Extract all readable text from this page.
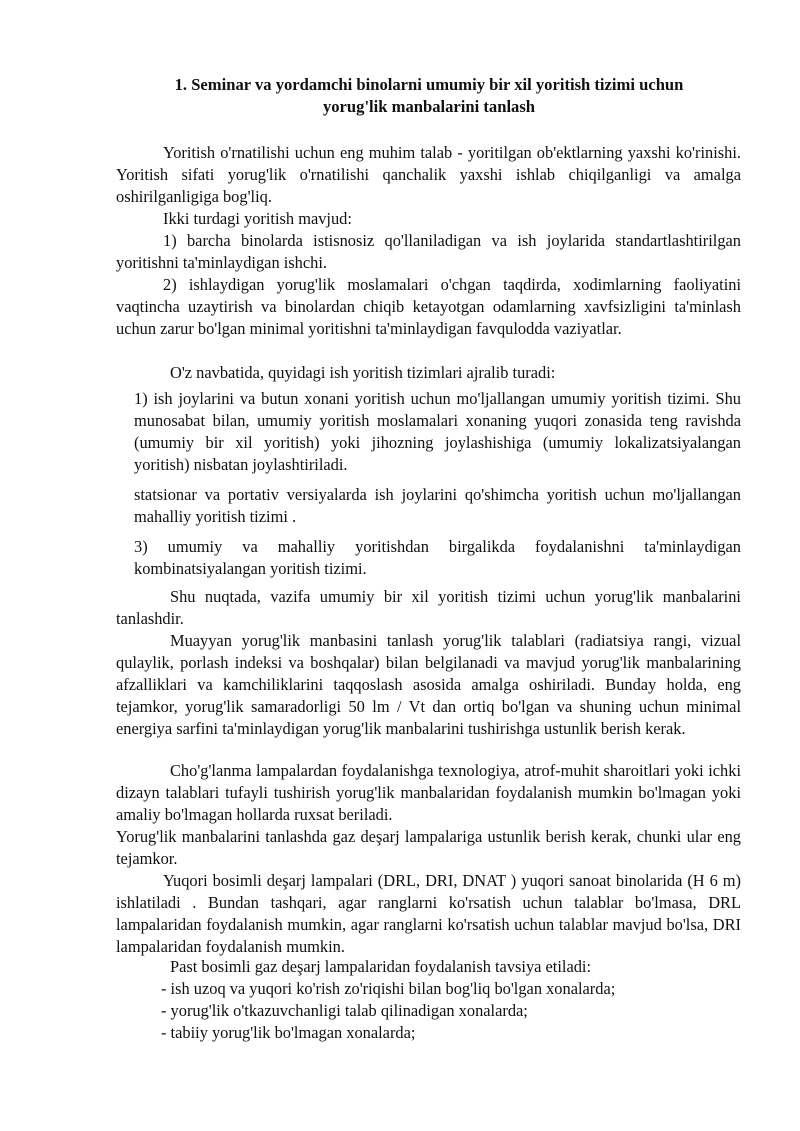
1. Seminar va yordamchi binolarni umumiy bir xil yoritish tizimi uchun
yorug'lik manbalarini tanlash
Yoritish o'rnatilishi uchun eng muhim talab - yoritilgan ob'ektlarning yaxshi ko'rinishi. Yoritish sifati yorug'lik o'rnatilishi qanchalik yaxshi ishlab chiqilganligi va amalga oshirilganligiga bog'liq.
Ikki turdagi yoritish mavjud:
1) barcha binolarda istisnosiz qo'llaniladigan va ish joylarida standartlashtirilgan yoritishni ta'minlaydigan ishchi.
2) ishlaydigan yorug'lik moslamalari o'chgan taqdirda, xodimlarning faoliyatini vaqtincha uzaytirish va binolardan chiqib ketayotgan odamlarning xavfsizligini ta'minlash uchun zarur bo'lgan minimal yoritishni ta'minlaydigan favqulodda vaziyatlar.
O'z navbatida, quyidagi ish yoritish tizimlari ajralib turadi:
1) ish joylarini va butun xonani yoritish uchun mo'ljallangan umumiy yoritish tizimi. Shu munosabat bilan, umumiy yoritish moslamalari xonaning yuqori zonasida teng ravishda (umumiy bir xil yoritish) yoki jihozning joylashishiga (umumiy lokalizatsiyalangan yoritish) nisbatan joylashtiriladi.
statsionar va portativ versiyalarda ish joylarini qo'shimcha yoritish uchun mo'ljallangan mahalliy yoritish tizimi .
3) umumiy va mahalliy yoritishdan birgalikda foydalanishni ta'minlaydigan kombinatsiyalangan yoritish tizimi.
Shu nuqtada, vazifa umumiy bir xil yoritish tizimi uchun yorug'lik manbalarini tanlashdir.
Muayyan yorug'lik manbasini tanlash yorug'lik talablari (radiatsiya rangi, vizual qulaylik, porlash indeksi va boshqalar) bilan belgilanadi va mavjud yorug'lik manbalarining afzalliklari va kamchiliklarini taqqoslash asosida amalga oshiriladi. Bunday holda, eng tejamkor, yorug'lik samaradorligi 50 lm / Vt dan ortiq bo'lgan va shuning uchun minimal energiya sarfini ta'minlaydigan yorug'lik manbalarini tushirishga ustunlik berish kerak.
Cho'g'lanma lampalardan foydalanishga texnologiya, atrof-muhit sharoitlari yoki ichki dizayn talablari tufayli tushirish yorug'lik manbalaridan foydalanish mumkin bo'lmagan yoki amaliy bo'lmagan hollarda ruxsat beriladi.
Yorug'lik manbalarini tanlashda gaz deşarj lampalariga ustunlik berish kerak, chunki ular eng tejamkor.
Yuqori bosimli deşarj lampalari (DRL, DRI, DNAT ) yuqori sanoat binolarida (H 6 m) ishlatiladi . Bundan tashqari, agar ranglarni ko'rsatish uchun talablar bo'lmasa, DRL lampalaridan foydalanish mumkin, agar ranglarni ko'rsatish uchun talablar mavjud bo'lsa, DRI lampalaridan foydalanish mumkin.
Past bosimli gaz deşarj lampalaridan foydalanish tavsiya etiladi:
- ish uzoq va yuqori ko'rish zo'riqishi bilan bog'liq bo'lgan xonalarda;
- yorug'lik o'tkazuvchanligi talab qilinadigan xonalarda;
- tabiiy yorug'lik bo'lmagan xonalarda;
